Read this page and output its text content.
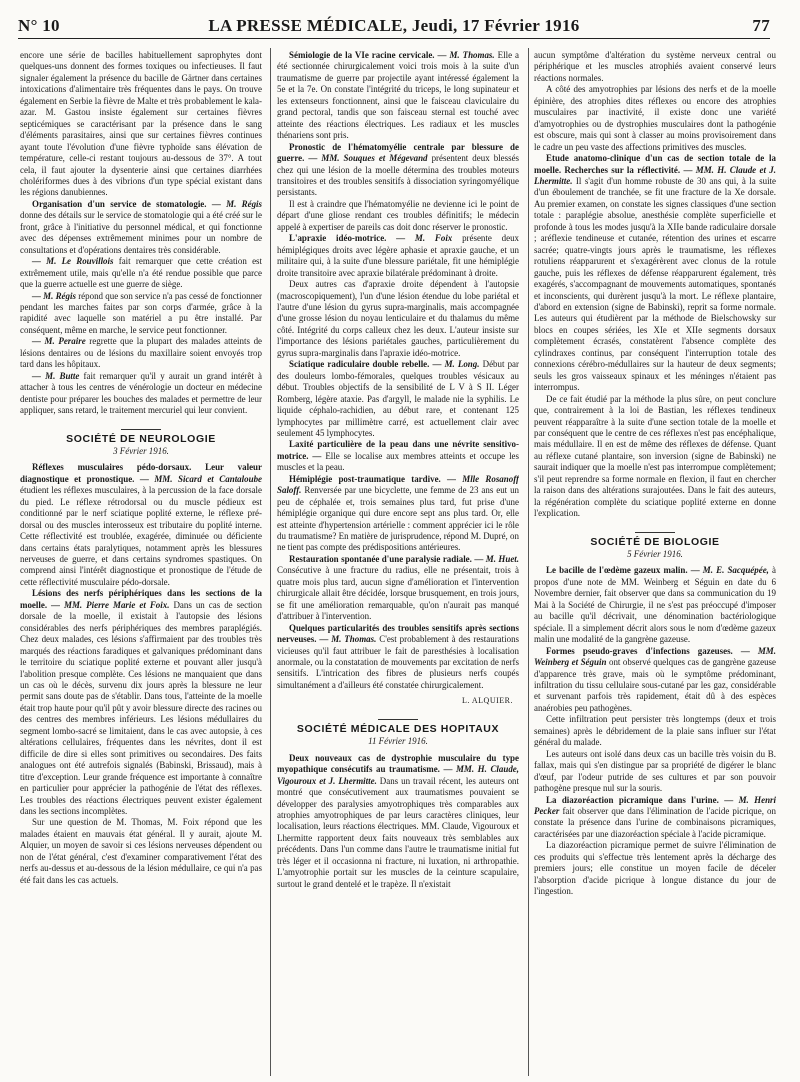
LA PRESSE MÉDICALE, Jeudi, 17 Février 1916
N° 10	77

encore une série de bacilles habituellement saprophytes dont quelques-uns donnent des formes toxiques ou infectieuses. Il faut signaler également la présence du bacille de Gärtner dans certaines intoxications d'alimentaire très fréquentes dans le pays. On trouve également en Serbie la fièvre de Malte et très probablement le kala-azar. M. Gastou insiste également sur certaines fièvres septicémiques se caractérisant par la présence dans le sang d'éléments parasitaires, ainsi que sur certaines fièvres continues ayant toute l'évolution d'une fièvre typhoïde sans élévation de température, celle-ci restant toujours au-dessous de 37°. A tout cela, il faut ajouter la dysenterie ainsi que certaines diarrhées cholériformes dues à des vibrions d'un type spécial existant dans les régions danubiennes.

Organisation d'un service de stomatologie. — M. Régis donne des détails sur le service de stomatologie qui a été créé sur le front, grâce à l'initiative du personnel médical, et qui fonctionne avec des dépenses extrêmement minimes pour un nombre de consultations et d'opérations dentaires très considérable.

— M. Le Rouvillois fait remarquer que cette création est extrêmement utile, mais qu'elle n'a été rendue possible que parce que la guerre actuelle est une guerre de siège.

— M. Régis répond que son service n'a pas cessé de fonctionner pendant les marches faites par son corps d'armée, grâce à la rapidité avec laquelle son matériel a pu être installé. Par conséquent, même en marche, le service peut fonctionner.

— M. Peraire regrette que la plupart des malades atteints de lésions dentaires ou de lésions du maxillaire soient envoyés trop tard dans les hôpitaux.

— M. Butte fait remarquer qu'il y aurait un grand intérêt à attacher à tous les centres de vénérologie un docteur en médecine dentiste pour préparer les bouches des malades et permettre de leur appliquer, sans retard, le traitement mercuriel qui leur convient.

SOCIÉTÉ DE NEUROLOGIE
3 Février 1916.

Réflexes musculaires pédo-dorsaux. Leur valeur diagnostique et pronostique. — MM. Sicard et Cantaloube étudient les réflexes musculaires, à la percussion de la face dorsale du pied. Le réflexe rétrodorsal ou du muscle pédieux est conditionné par le nerf sciatique poplité externe, le réflexe pré-dorsal ou des muscles interosseux est tributaire du poplité interne. Cette réflectivité est troublée, exagérée, diminuée ou déficiente dans certains états paralytiques, notamment après les blessures nerveuses de guerre, et dans certains syndromes spastiques. On comprend ainsi l'intérêt diagnostique et pronostique de l'étude de cette réflectivité musculaire pédo-dorsale.

Lésions des nerfs périphériques dans les sections de la moelle. — MM. Pierre Marie et Foix. Dans un cas de section dorsale de la moelle, il existait à l'autopsie des lésions considérables des nerfs périphériques des membres paraplégiés. Chez deux malades, ces lésions s'affirmaient par des troubles très marqués des réactions faradiques et galvaniques prédominant dans le territoire du sciatique poplité externe et pouvant aller jusqu'à l'abolition presque complète. Ces lésions ne manquaient que dans un cas où le décès, survenu dix jours après la blessure ne leur permit sans doute pas de s'établir. Dans tous, l'atteinte de la moelle était trop haute pour qu'il pût y avoir blessure directe des racines ou des centres des membres inférieurs. Les lésions médullaires du segment lombo-sacré se limitaient, dans le cas avec autopsie, à ces altérations cellulaires, fréquentes dans les névrites, dont il est difficile de dire si elles sont primitives ou secondaires. Des faits analogues ont été autrefois signalés (Babinski, Brissaud), mais à titre d'exception. Leur grande fréquence est importante à connaître en particulier pour apprécier la pathogénie de l'état des réflexes. Les troubles des réactions électriques peuvent exister également dans les sections incomplètes.

Sur une question de M. Thomas, M. Foix répond que les malades étaient en mauvais état général. Il y aurait, ajoute M. Alquier, un moyen de savoir si ces lésions nerveuses dépendent ou non de l'état général, c'est d'examiner comparativement l'état des nerfs au-dessus et au-dessous de la lésion médullaire, ce qui n'a pas été fait dans les cas actuels.

Sémiologie de la VIe racine cervicale. — M. Thomas. Elle a été sectionnée chirurgicalement voici trois mois à la suite d'un traumatisme de guerre par projectile ayant intéressé également la 5e et la 7e. On constate l'intégrité du triceps, le long supinateur et les extenseurs fonctionnent, ainsi que le faisceau claviculaire du grand pectoral, tandis que son faisceau sternal est touché avec atteinte des réactions électriques. Les radiaux et les muscles thénariens sont pris.

Pronostic de l'hématomyélie centrale par blessure de guerre. — MM. Souques et Mégevand présentent deux blessés chez qui une lésion de la moelle détermina des troubles moteurs transitoires et des troubles sensitifs à dissociation syringomyélique persistants.

Il est à craindre que l'hématomyélie ne devienne ici le point de départ d'une gliose rendant ces troubles définitifs; le médecin appelé à expertiser de pareils cas doit donc réserver le pronostic.

L'apraxie idéo-motrice. — M. Foix présente deux hémiplégiques droits avec légère aphasie et apraxie gauche, et un militaire qui, à la suite d'une blessure pariétale, fit une hémiplégie droite transitoire avec apraxie bilatérale prédominant à droite.

Deux autres cas d'apraxie droite dépendent à l'autopsie (macroscopiquement), l'un d'une lésion étendue du lobe pariétal et l'autre d'une lésion du gyrus supra-marginalis, mais accompagnée d'une grosse lésion du noyau lenticulaire et du thalamus du même côté. Intégrité du corps calleux chez les deux. L'auteur insiste sur l'importance des lésions pariétales gauches, particulièrement du gyrus supra-marginalis dans l'apraxie idéo-motrice.

Sciatique radiculaire double rebelle. — M. Long. Début par des douleurs lombo-fémorales, quelques troubles vésicaux au début. Troubles objectifs de la sensibilité de L V à S II. Léger Romberg, légère ataxie. Pas d'argyll, le malade nie la syphilis. Le liquide céphalo-rachidien, au début rare, et contenant 125 lymphocytes par millimètre carré, est actuellement clair avec seulement 45 lymphocytes.

Laxité particulière de la peau dans une névrite sensitivo-motrice. — Elle se localise aux membres atteints et occupe les muscles et la peau.

Hémiplégie post-traumatique tardive. — Mlle Rosanoff Saloff. Renversée par une bicyclette, une femme de 23 ans eut un peu de céphalée et, trois semaines plus tard, fut prise d'une hémiplégie organique qui dure encore sept ans plus tard. Or, elle est atteinte d'hypertension artérielle : comment apprécier ici le rôle du traumatisme? En matière de jurisprudence, répond M. Dupré, on ne tient pas compte des prédispositions antérieures.

Restauration spontanée d'une paralysie radiale. — M. Huet. Consécutive à une fracture du radius, elle ne présentait, trois à quatre mois plus tard, aucun signe d'amélioration et l'intervention chirurgicale allait être décidée, lorsque brusquement, en trois jours, se fit une amélioration remarquable, qu'on n'aurait pas manqué d'attribuer à l'intervention.

Quelques particularités des troubles sensitifs après sections nerveuses. — M. Thomas. C'est probablement à des restaurations vicieuses qu'il faut attribuer le fait de paresthésies à localisation anormale, ou la constatation de mouvements par excitation de nerfs sensitifs. L'intrication des fibres de plusieurs nerfs coupés simultanément a d'ailleurs été constatée chirurgicalement.

L. ALQUIER.
SOCIÉTÉ MÉDICALE DES HOPITAUX
11 Février 1916.

Deux nouveaux cas de dystrophie musculaire du type myopathique consécutifs au traumatisme. — MM. H. Claude, Vigouroux et J. Lhermitte. Dans un travail récent, les auteurs ont montré que consécutivement aux traumatismes pouvaient se développer des paralysies amyotrophiques très comparables aux atrophies amyotrophiques de par leurs caractères cliniques, leur localisation, leurs réactions électriques. MM. Claude, Vigouroux et Lhermitte rapportent deux faits nouveaux très semblables aux précédents. Dans l'un comme dans l'autre le traumatisme initial fut très léger et il occasionna ni fracture, ni luxation, ni arthropathie. L'amyotrophie portait sur les muscles de la ceinture scapulaire, surtout le grand dentelé et le trapèze. Il n'existait

aucun symptôme d'altération du système nerveux central ou périphérique et les muscles atrophiés avaient conservé leurs réactions normales.

A côté des amyotrophies par lésions des nerfs et de la moelle épinière, des atrophies dites réflexes ou encore des atrophies musculaires par inactivité, il existe donc une variété d'amyotrophies ou de dystrophies musculaires dont la pathogénie est obscure, mais qui sont à classer au moins provisoirement dans le cadre un peu vaste des affections primitives des muscles.

Etude anatomo-clinique d'un cas de section totale de la moelle. Recherches sur la réflectivité. — MM. H. Claude et J. Lhermitte. Il s'agit d'un homme robuste de 30 ans qui, à la suite d'un éboulement de tranchée, se fit une fracture de la Xe dorsale. Au premier examen, on constate les signes classiques d'une section totale : paraplégie absolue, anesthésie complète superficielle et profonde à tous les modes jusqu'à la XIIe bande radiculaire dorsale ; aréflexie tendineuse et cutanée, rétention des urines et escarre sacrée; quatre-vingts jours après le traumatisme, les réflexes rotuliens réapparurent et s'exagérèrent avec clonus de la rotule gauche, puis les réflexes de défense réapparurent également, très exagérés, s'accompagnant de mouvements automatiques, spontanés et inconscients, qui durèrent jusqu'à la mort. Le réflexe plantaire, d'abord en extension (signe de Babinski), reprit sa forme normale. Les auteurs qui étudièrent par la méthode de Bielschowsky sur blocs en coupes sériées, les XIe et XIIe segments dorsaux complètement écrasés, constatèrent l'absence complète des cylindraxes continus, par conséquent l'interruption totale des connexions cérébro-médullaires sur la hauteur de deux segments; seuls les gros vaisseaux spinaux et les méninges n'étaient pas interrompus.

De ce fait étudié par la méthode la plus sûre, on peut conclure que, contrairement à la loi de Bastian, les réflexes tendineux peuvent réapparaître à la suite d'une section totale de la moelle et par conséquent que le centre de ces réflexes n'est pas encéphalique, mais médullaire. Il en est de même des réflexes de défense. Quant au réflexe cutané plantaire, son inversion (signe de Babinski) ne saurait indiquer que la moelle n'est pas interrompue complètement; s'il peut reprendre sa forme normale en flexion, il faut en chercher la raison dans des altérations surajoutées. Dans le fait des auteurs, la régénération complète du sciatique poplité externe en donne l'explication.

SOCIÉTÉ DE BIOLOGIE
5 Février 1916.

Le bacille de l'œdème gazeux malin. — M. E. Sacquépée, à propos d'une note de MM. Weinberg et Séguin en date du 6 Novembre dernier, fait observer que dans sa communication du 19 Mai à la Société de Chirurgie, il ne s'est pas préoccupé d'imposer au bacille qu'il décrivait, une dénomination bactériologique spéciale. Il a simplement décrit alors sous le nom d'œdème gazeux malin une modalité de la gangrène gazeuse.

Formes pseudo-graves d'infections gazeuses. — MM. Weinberg et Séguin ont observé quelques cas de gangrène gazeuse d'apparence très grave, mais où le symptôme prédominant, infiltration du tissu cellulaire sous-cutané par les gaz, considérable et survenant parfois très rapidement, était dû à des espèces anaérobies peu pathogènes.

Cette infiltration peut persister très longtemps (deux et trois semaines) après le débridement de la plaie sans influer sur l'état général du malade.

Les auteurs ont isolé dans deux cas un bacille très voisin du B. fallax, mais qui s'en distingue par sa propriété de digérer le blanc d'œuf, par l'odeur putride de ses cultures et par son pouvoir pathogène presque nul sur la souris.

La diazoréaction picramique dans l'urine. — M. Henri Pecker fait observer que dans l'élimination de l'acide picrique, on constate la présence dans l'urine de combinaisons picramiques, caractérisées par une diazoréaction spéciale à l'acide picramique.

La diazoréaction picramique permet de suivre l'élimination de ces produits qui s'effectue très lentement après la décharge des premiers jours; elle constitue un moyen facile de déceler l'absorption d'acide picrique à longue distance du jour de l'ingestion.
